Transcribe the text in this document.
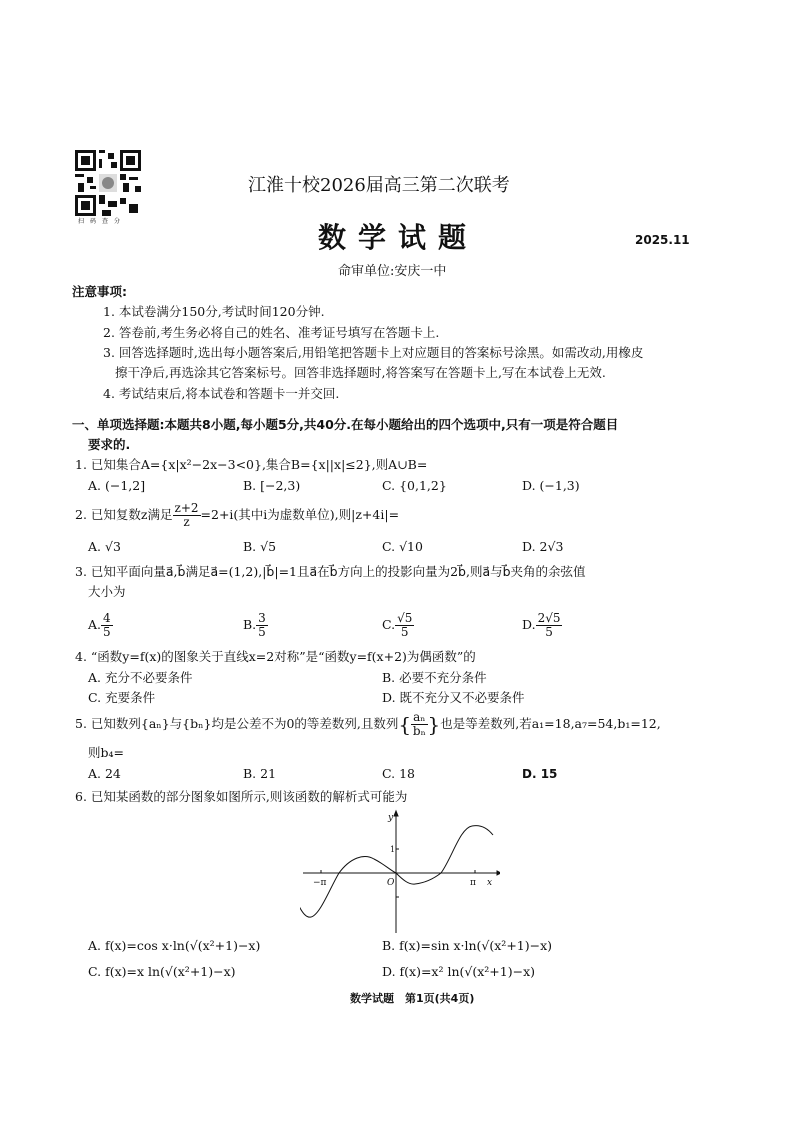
扫码查分
江淮十校2026届高三第二次联考
数学试题	2025.11
命审单位:安庆一中
注意事项:
1. 本试卷满分150分,考试时间120分钟.
2. 答卷前,考生务必将自己的姓名、准考证号填写在答题卡上.
3. 回答选择题时,选出每小题答案后,用铅笔把答题卡上对应题目的答案标号涂黑。如需改动,用橡皮
擦干净后,再选涂其它答案标号。回答非选择题时,将答案写在答题卡上,写在本试卷上无效.
4. 考试结束后,将本试卷和答题卡一并交回.
一、单项选择题:本题共8小题,每小题5分,共40分.在每小题给出的四个选项中,只有一项是符合题目
要求的.
1. 已知集合A={x|x²−2x−3<0},集合B={x||x|≤2},则A∪B=
A. (−1,2]	B. [−2,3)	C. {0,1,2}	D. (−1,3)
2. 已知复数z满足 $\frac{z+2}{z} =2+i$(其中i为虚数单位),则|z+4i|=
A. √3	B. √5	C. √10	D. 2√3
3. 已知平面向量a⃗,b⃗满足a⃗=(1,2),|b⃗|=1且a⃗在b⃗方向上的投影向量为2b⃗,则a⃗与b⃗夹角的余弦值
大小为
A. $\frac{4}{5}$	B. $\frac{3}{5}$	C. $\frac{√5}{5}$	D. $\frac{2√5}{5}$
4. “函数y=f(x)的图象关于直线x=2对称”是“函数y=f(x+2)为偶函数”的
A. 充分不必要条件	B. 必要不充分条件
C. 充要条件	D. 既不充分又不必要条件
5. 已知数列{aₙ}与{bₙ}均是公差不为0的等差数列,且数列{ $\frac{\text{aₙ}}{\text{bₙ}}$ }也是等差数列,若a₁=18,a₇=54,b₁=12,
则b₄=
A. 24	B. 21	C. 18	D. 15
6. 已知某函数的部分图象如图所示,则该函数的解析式可能为
−π	π x
O
y
1
−1
A. f(x)=cos x·ln(√(x²+1)−x)	B. f(x)=sin x·ln(√(x²+1)−x)
C. f(x)=x ln(√(x²+1)−x)	D. f(x)=x² ln(√(x²+1)−x)
数学试题　第1页(共4页)
